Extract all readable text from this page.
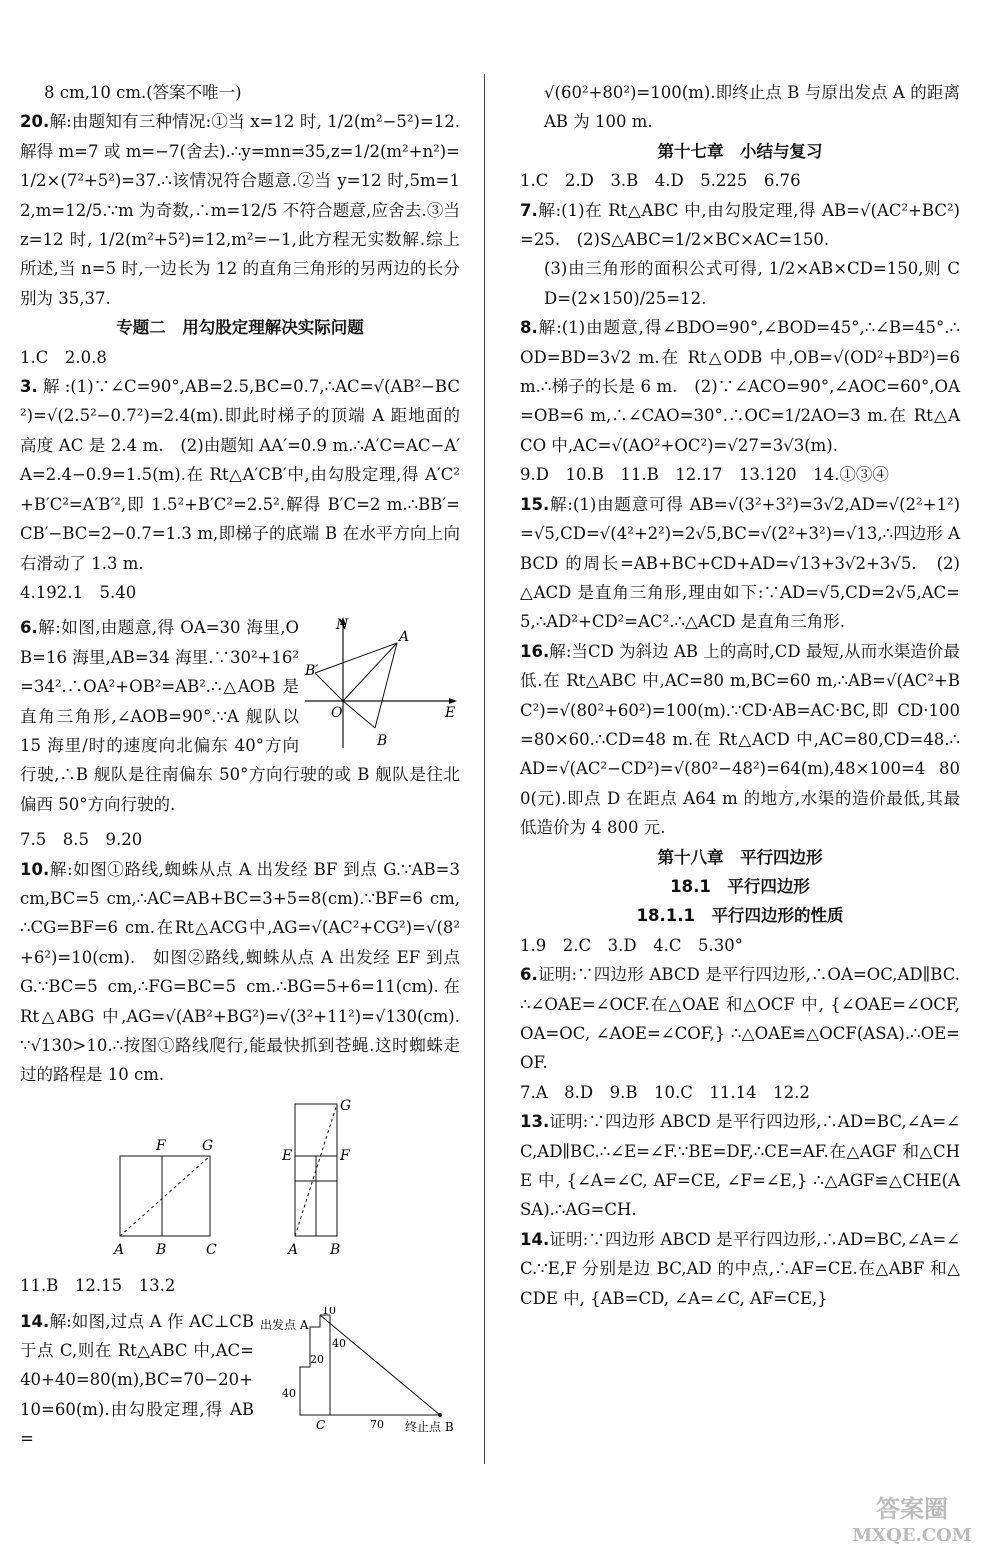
8 cm,10 cm.(答案不唯一)

20.解:由题知有三种情况:①当 x=12 时, 1/2(m²−5²)=12.解得 m=7 或 m=−7(舍去).∴y=mn=35,z=1/2(m²+n²)=1/2×(7²+5²)=37.∴该情况符合题意.②当 y=12 时,5m=12,m=12/5.∵m 为奇数,∴m=12/5 不符合题意,应舍去.③当 z=12 时, 1/2(m²+5²)=12,m²=−1,此方程无实数解.综上所述,当 n=5 时,一边长为 12 的直角三角形的另两边的长分别为 35,37.

专题二　用勾股定理解决实际问题

1.C　2.0.8

3.解:(1)∵∠C=90°,AB=2.5,BC=0.7,∴AC=√(AB²−BC²)=√(2.5²−0.7²)=2.4(m).即此时梯子的顶端 A 距地面的高度 AC 是 2.4 m.　(2)由题知 AA′=0.9 m.∴A′C=AC−A′A=2.4−0.9=1.5(m).在 Rt△A′CB′中,由勾股定理,得 A′C²+B′C²=A′B′²,即 1.5²+B′C²=2.5².解得 B′C=2 m.∴BB′=CB′−BC=2−0.7=1.3 m,即梯子的底端 B 在水平方向上向右滑动了 1.3 m.

4.192.1　5.40

N
E
O
A
B
B′

6.解:如图,由题意,得 OA=30 海里,OB=16 海里,AB=34 海里.∵30²+16²=34².∴OA²+OB²=AB².∴△AOB 是直角三角形,∠AOB=90°.∵A 舰队以 15 海里/时的速度向北偏东 40°方向行驶,∴B 舰队是往南偏东 50°方向行驶的或 B 舰队是往北偏西 50°方向行驶的.

7.5　8.5　9.20

10.解:如图①路线,蜘蛛从点 A 出发经 BF 到点 G.∵AB=3 cm,BC=5 cm,∴AC=AB+BC=3+5=8(cm).∵BF=6 cm,∴CG=BF=6 cm.在Rt△ACG中,AG=√(AC²+CG²)=√(8²+6²)=10(cm).　如图②路线,蜘蛛从点 A 出发经 EF 到点 G.∵BC=5 cm,∴FG=BC=5 cm.∴BG=5+6=11(cm).在 Rt△ABG 中,AG=√(AB²+BG²)=√(3²+11²)=√130(cm).∵√130>10.∴按图①路线爬行,能最快抓到苍蝇.这时蜘蛛走过的路程是 10 cm.

F	G
A B	C
G
E	F
A B

11.B　12.15　13.2

出发点 A
终止点 B
C
10
40
20
40
70

14.解:如图,过点 A 作 AC⊥CB 于点 C,则在 Rt△ABC 中,AC=40+40=80(m),BC=70−20+10=60(m).由勾股定理,得 AB=

√(60²+80²)=100(m).即终止点 B 与原出发点 A 的距离 AB 为 100 m.

第十七章　小结与复习

1.C　2.D　3.B　4.D　5.225　6.76

7.解:(1)在 Rt△ABC 中,由勾股定理,得 AB=√(AC²+BC²)=25.　(2)S△ABC=1/2×BC×AC=150.

(3)由三角形的面积公式可得, 1/2×AB×CD=150,则 CD=(2×150)/25=12.

8.解:(1)由题意,得∠BDO=90°,∠BOD=45°,∴∠B=45°.∴OD=BD=3√2 m.在 Rt△ODB 中,OB=√(OD²+BD²)=6 m.∴梯子的长是 6 m.　(2)∵∠ACO=90°,∠AOC=60°,OA=OB=6 m,∴∠CAO=30°.∴OC=1/2AO=3 m.在 Rt△ACO 中,AC=√(AO²+OC²)=√27=3√3(m).

9.D　10.B　11.B　12.17　13.120　14.①③④

15.解:(1)由题意可得 AB=√(3²+3²)=3√2,AD=√(2²+1²)=√5,CD=√(4²+2²)=2√5,BC=√(2²+3²)=√13,∴四边形 ABCD 的周长=AB+BC+CD+AD=√13+3√2+3√5.　(2)△ACD 是直角三角形,理由如下:∵AD=√5,CD=2√5,AC=5,∴AD²+CD²=AC².∴△ACD 是直角三角形.

16.解:当CD 为斜边 AB 上的高时,CD 最短,从而水渠造价最低.在 Rt△ABC 中,AC=80 m,BC=60 m,∴AB=√(AC²+BC²)=√(80²+60²)=100(m).∵CD·AB=AC·BC,即 CD·100=80×60.∴CD=48 m.在 Rt△ACD 中,AC=80,CD=48.∴AD=√(AC²−CD²)=√(80²−48²)=64(m),48×100=4 800(元).即点 D 在距点 A64 m 的地方,水渠的造价最低,其最低造价为 4 800 元.

第十八章　平行四边形

18.1　平行四边形

18.1.1　平行四边形的性质

1.9　2.C　3.D　4.C　5.30°

6.证明:∵四边形 ABCD 是平行四边形,∴OA=OC,AD∥BC.∴∠OAE=∠OCF.在△OAE 和△OCF 中, {∠OAE=∠OCF, OA=OC, ∠AOE=∠COF,} ∴△OAE≌△OCF(ASA).∴OE=OF.

7.A　8.D　9.B　10.C　11.14　12.2

13.证明:∵四边形 ABCD 是平行四边形,∴AD=BC,∠A=∠C,AD∥BC.∴∠E=∠F.∵BE=DF,∴CE=AF.在△AGF 和△CHE 中, {∠A=∠C, AF=CE, ∠F=∠E,} ∴△AGF≌△CHE(ASA).∴AG=CH.

14.证明:∵四边形 ABCD 是平行四边形,∴AD=BC,∠A=∠C.∵E,F 分别是边 BC,AD 的中点,∴AF=CE.在△ABF 和△CDE 中, {AB=CD, ∠A=∠C, AF=CE,}

答案圈
MXQE.COM
